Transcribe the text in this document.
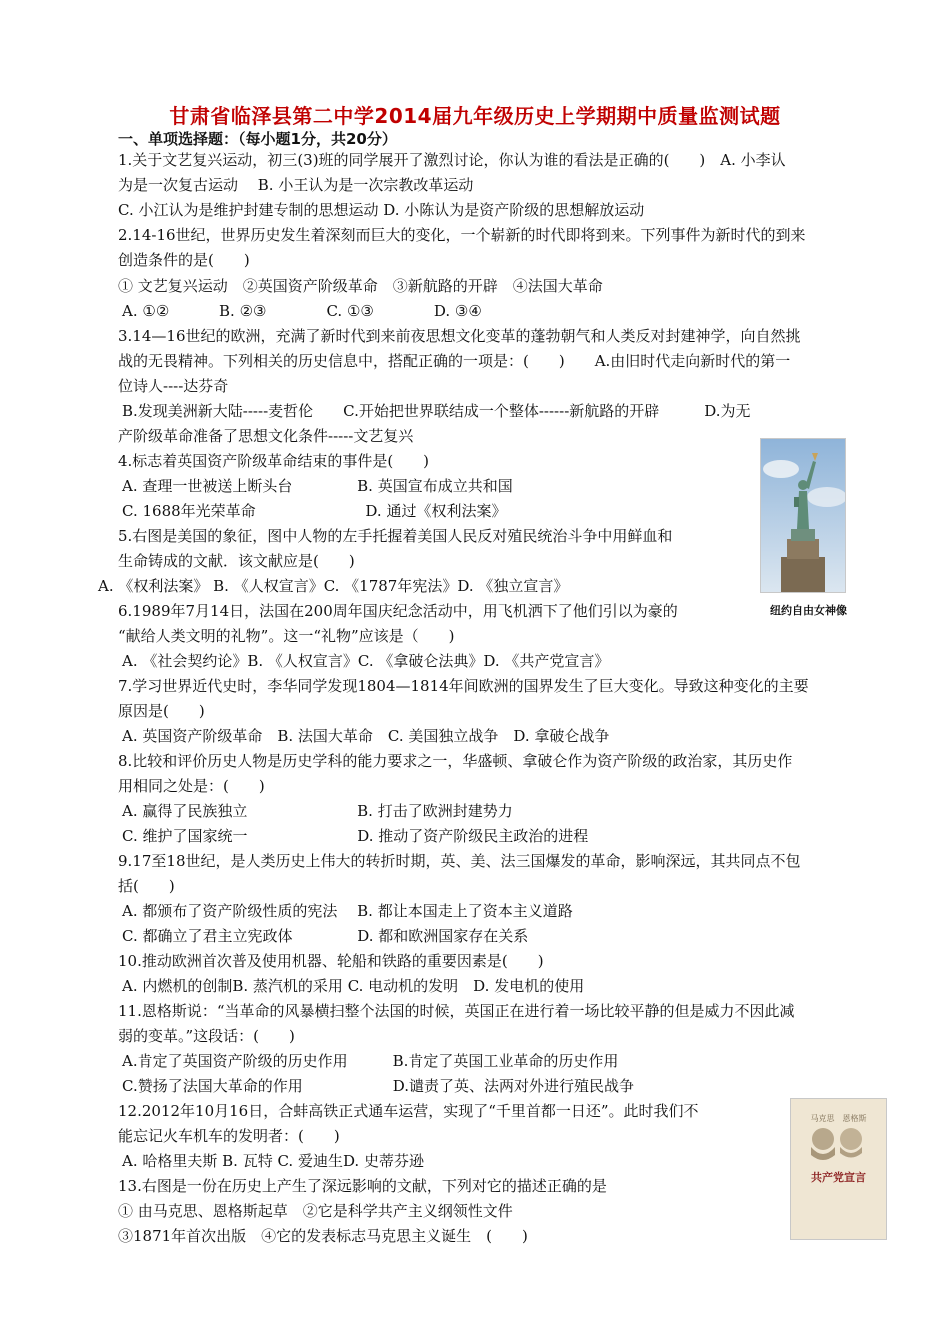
甘肃省临泽县第二中学2014届九年级历史上学期期中质量监测试题
一、单项选择题：（每小题1分，共20分）
1.关于文艺复兴运动，初三(3)班的同学展开了激烈讨论，你认为谁的看法是正确的(　　)　A. 小李认
为是一次复古运动　 B. 小王认为是一次宗教改革运动
C. 小江认为是维护封建专制的思想运动 D. 小陈认为是资产阶级的思想解放运动
2.14-16世纪，世界历史发生着深刻而巨大的变化，一个崭新的时代即将到来。下列事件为新时代的到来
创造条件的是(　　)
① 文艺复兴运动　②英国资产阶级革命　③新航路的开辟　④法国大革命
A. ①②　　　 B. ②③　　　　C. ①③　　　　D. ③④
3.14—16世纪的欧洲，充满了新时代到来前夜思想文化变革的蓬勃朝气和人类反对封建神学，向自然挑
战的无畏精神。下列相关的历史信息中，搭配正确的一项是：(　　)　　A.由旧时代走向新时代的第一
位诗人----达芬奇
B.发现美洲新大陆-----麦哲伦　　C.开始把世界联结成一个整体------新航路的开辟　　　D.为无
产阶级革命准备了思想文化条件-----文艺复兴
4.标志着英国资产阶级革命结束的事件是(　　)
A. 查理一世被送上断头台　　　　 B. 英国宣布成立共和国
C. 1688年光荣革命　　　　　　　 D. 通过《权利法案》
5.右图是美国的象征，图中人物的左手托握着美国人民反对殖民统治斗争中用鲜血和
生命铸成的文献．该文献应是(　　)
A. 《权利法案》 B. 《人权宣言》C. 《1787年宪法》D. 《独立宣言》
6.1989年7月14日，法国在200周年国庆纪念活动中，用飞机洒下了他们引以为豪的
“献给人类文明的礼物”。这一“礼物”应该是（　　)
A. 《社会契约论》B. 《人权宣言》C. 《拿破仑法典》D. 《共产党宣言》
7.学习世界近代史时，李华同学发现1804—1814年间欧洲的国界发生了巨大变化。导致这种变化的主要
原因是(　　)
A. 英国资产阶级革命　B. 法国大革命　C. 美国独立战争　D. 拿破仑战争
8.比较和评价历史人物是历史学科的能力要求之一，华盛顿、拿破仑作为资产阶级的政治家，其历史作
用相同之处是：(　　)
A. 赢得了民族独立　　　　　　　 B. 打击了欧洲封建势力
C. 维护了国家统一　　　　　　　 D. 推动了资产阶级民主政治的进程
9.17至18世纪，是人类历史上伟大的转折时期，英、美、法三国爆发的革命，影响深远，其共同点不包
括(　　)
A. 都颁布了资产阶级性质的宪法　 B. 都让本国走上了资本主义道路
C. 都确立了君主立宪政体　　　　 D. 都和欧洲国家存在关系
10.推动欧洲首次普及使用机器、轮船和铁路的重要因素是(　　)
A. 内燃机的创制B. 蒸汽机的采用 C. 电动机的发明　D. 发电机的使用
11.恩格斯说：“当革命的风暴横扫整个法国的时候，英国正在进行着一场比较平静的但是威力不因此减
弱的变革。”这段话：(　　)
A.肯定了英国资产阶级的历史作用　　　B.肯定了英国工业革命的历史作用
C.赞扬了法国大革命的作用　　　　　　D.谴责了英、法两对外进行殖民战争
12.2012年10月16日，合蚌高铁正式通车运营，实现了“千里首都一日还”。此时我们不
能忘记火车机车的发明者：(　　)
A. 哈格里夫斯 B. 瓦特 C. 爱迪生D. 史蒂芬逊
13.右图是一份在历史上产生了深远影响的文献，下列对它的描述正确的是
① 由马克思、恩格斯起草　②它是科学共产主义纲领性文件
③1871年首次出版　④它的发表标志马克思主义诞生　(　　)
纽约自由女神像
马克思　恩格斯
共产党宣言
